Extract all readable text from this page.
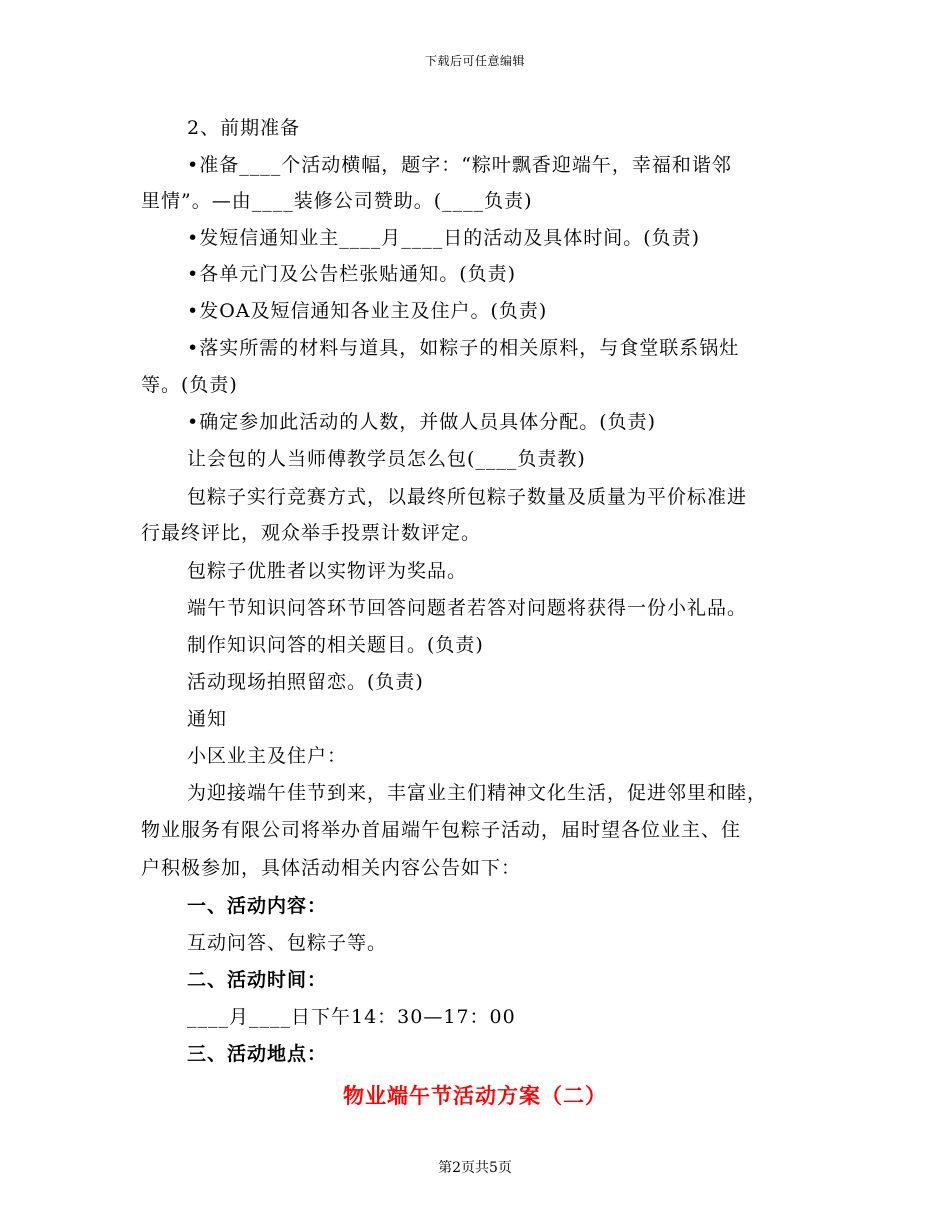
下载后可任意编辑
2、前期准备
•准备____个活动横幅，题字：“粽叶飘香迎端午，幸福和谐邻
里情”。—由____装修公司赞助。(____负责)
•发短信通知业主____月____日的活动及具体时间。(负责)
•各单元门及公告栏张贴通知。(负责)
•发OA及短信通知各业主及住户。(负责)
•落实所需的材料与道具，如粽子的相关原料，与食堂联系锅灶
等。(负责)
•确定参加此活动的人数，并做人员具体分配。(负责)
让会包的人当师傅教学员怎么包(____负责教)
包粽子实行竞赛方式，以最终所包粽子数量及质量为平价标准进
行最终评比，观众举手投票计数评定。
包粽子优胜者以实物评为奖品。
端午节知识问答环节回答问题者若答对问题将获得一份小礼品。
制作知识问答的相关题目。(负责)
活动现场拍照留恋。(负责)
通知
小区业主及住户：
为迎接端午佳节到来，丰富业主们精神文化生活，促进邻里和睦，
物业服务有限公司将举办首届端午包粽子活动，届时望各位业主、住
户积极参加，具体活动相关内容公告如下：
一、活动内容：
互动问答、包粽子等。
二、活动时间：
____月____日下午14：30—17：00
三、活动地点：
物业端午节活动方案（二）
第2页共5页
